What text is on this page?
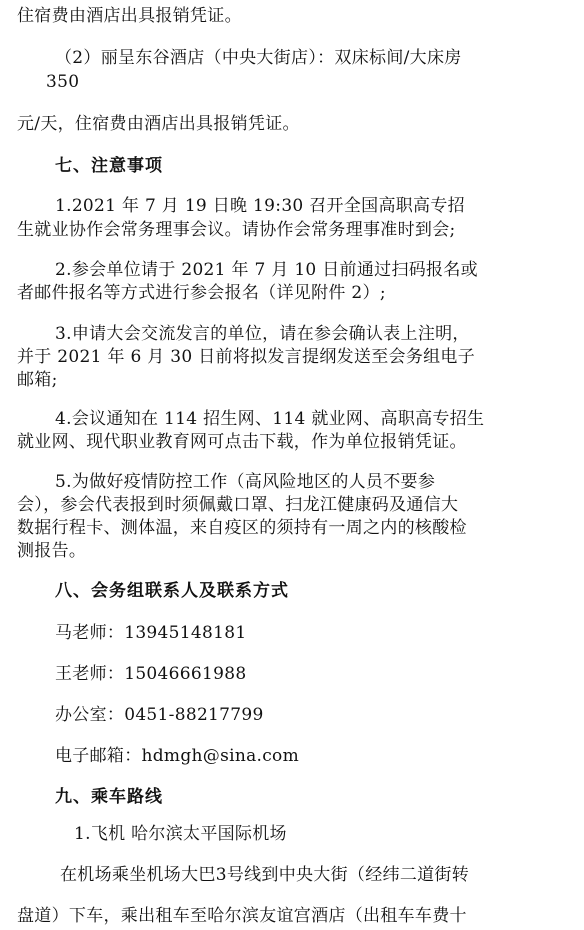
住宿费由酒店出具报销凭证。
（2）丽呈东谷酒店（中央大街店）：双床标间/大床房
350
元/天，住宿费由酒店出具报销凭证。
七、注意事项
1.2021 年 7 月 19 日晚 19:30 召开全国高职高专招
生就业协作会常务理事会议。请协作会常务理事准时到会;
2.参会单位请于 2021 年 7 月 10 日前通过扫码报名或
者邮件报名等方式进行参会报名（详见附件 2）;
3.申请大会交流发言的单位，请在参会确认表上注明，
并于 2021 年 6 月 30 日前将拟发言提纲发送至会务组电子
邮箱;
4.会议通知在 114 招生网、114 就业网、高职高专招生
就业网、现代职业教育网可点击下载，作为单位报销凭证。
5.为做好疫情防控工作（高风险地区的人员不要参
会），参会代表报到时须佩戴口罩、扫龙江健康码及通信大
数据行程卡、测体温，来自疫区的须持有一周之内的核酸检
测报告。
八、会务组联系人及联系方式
马老师：13945148181
王老师：15046661988
办公室：0451-88217799
电子邮箱：hdmgh@sina.com
九、乘车路线
1.飞机 哈尔滨太平国际机场
在机场乘坐机场大巴3号线到中央大街（经纬二道街转
盘道）下车，乘出租车至哈尔滨友谊宫酒店（出租车车费十
